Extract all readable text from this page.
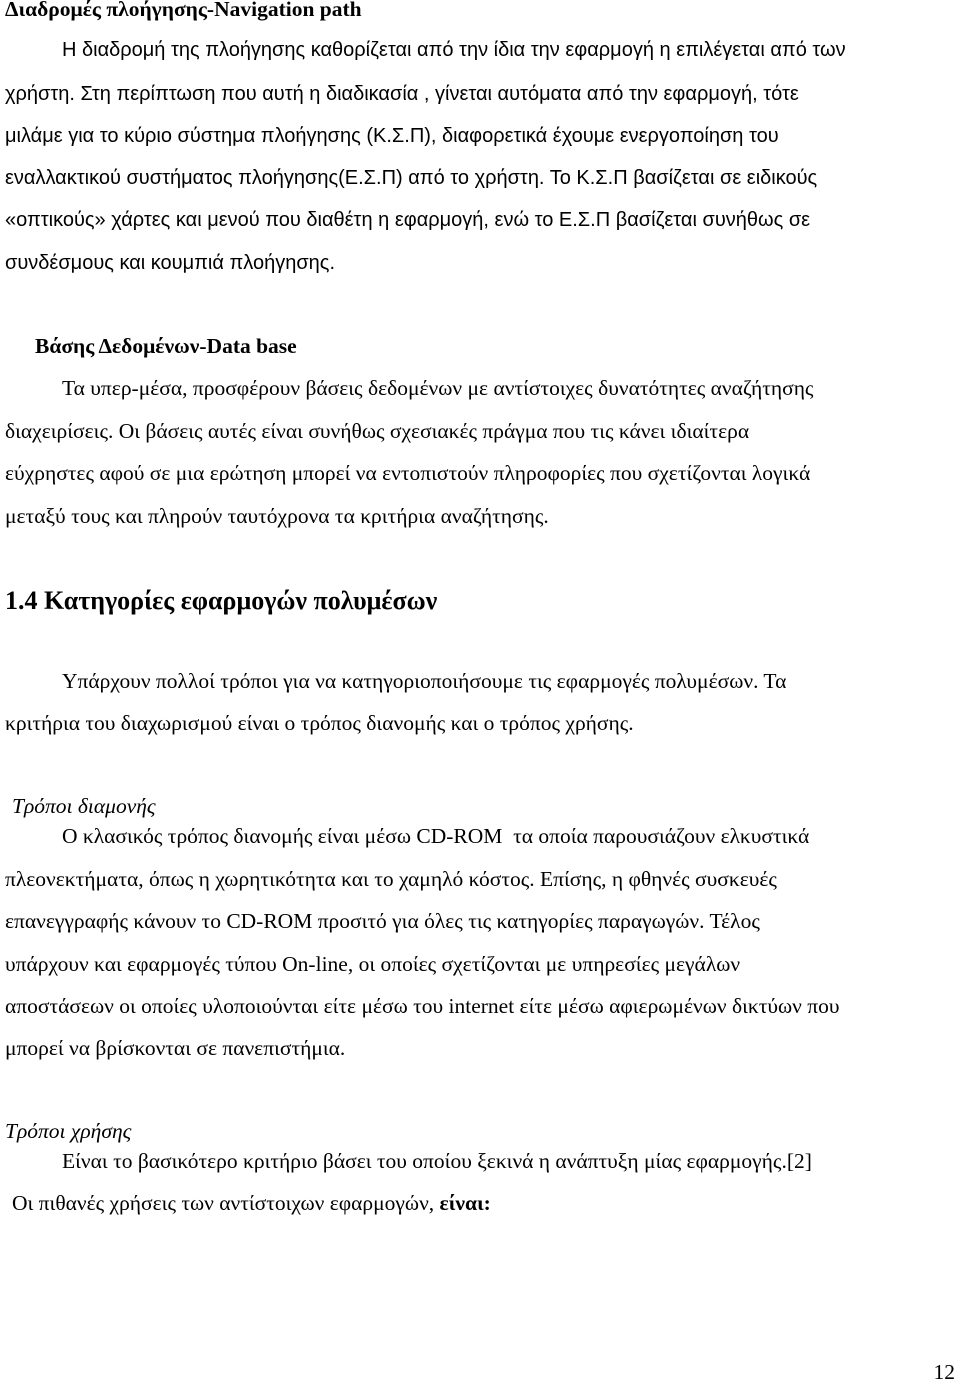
Διαδρομές πλοήγησης-Navigation path
Η διαδρομή της πλοήγησης καθορίζεται από την ίδια την εφαρμογή η επιλέγεται από των
χρήστη. Στη περίπτωση που αυτή η διαδικασία , γίνεται αυτόματα από την εφαρμογή, τότε
μιλάμε για το κύριο σύστημα πλοήγησης (Κ.Σ.Π), διαφορετικά έχουμε ενεργοποίηση του
εναλλακτικού συστήματος πλοήγησης(Ε.Σ.Π) από το χρήστη. Το Κ.Σ.Π βασίζεται σε ειδικούς
«οπτικούς» χάρτες και μενού που διαθέτη η εφαρμογή, ενώ το Ε.Σ.Π βασίζεται συνήθως σε
συνδέσμους και κουμπιά πλοήγησης.
Βάσης Δεδομένων-Data base
Τα υπερ-μέσα, προσφέρουν βάσεις δεδομένων με αντίστοιχες δυνατότητες αναζήτησης
διαχειρίσεις. Οι βάσεις αυτές είναι συνήθως σχεσιακές πράγμα που τις κάνει ιδιαίτερα
εύχρηστες αφού σε μια ερώτηση μπορεί να εντοπιστούν πληροφορίες που σχετίζονται λογικά
μεταξύ τους και πληρούν ταυτόχρονα τα κριτήρια αναζήτησης.
1.4 Κατηγορίες εφαρμογών πολυμέσων
Υπάρχουν πολλοί τρόποι για να κατηγοριοποιήσουμε τις εφαρμογές πολυμέσων. Τα
κριτήρια του διαχωρισμού είναι ο τρόπος διανομής και ο τρόπος χρήσης.
Τρόποι διαμονής
Ο κλασικός τρόπος διανομής είναι μέσω CD-ROM  τα οποία παρουσιάζουν ελκυστικά
πλεονεκτήματα, όπως η χωρητικότητα και το χαμηλό κόστος. Επίσης, η φθηνές συσκευές
επανεγγραφής κάνουν το CD-ROM προσιτό για όλες τις κατηγορίες παραγωγών. Τέλος
υπάρχουν και εφαρμογές τύπου On-line, οι οποίες σχετίζονται με υπηρεσίες μεγάλων
αποστάσεων οι οποίες υλοποιούνται είτε μέσω του internet είτε μέσω αφιερωμένων δικτύων που
μπορεί να βρίσκονται σε πανεπιστήμια.
Τρόποι χρήσης
Είναι το βασικότερο κριτήριο βάσει του οποίου ξεκινά η ανάπτυξη μίας εφαρμογής.[2]
Οι πιθανές χρήσεις των αντίστοιχων εφαρμογών, είναι:
12
